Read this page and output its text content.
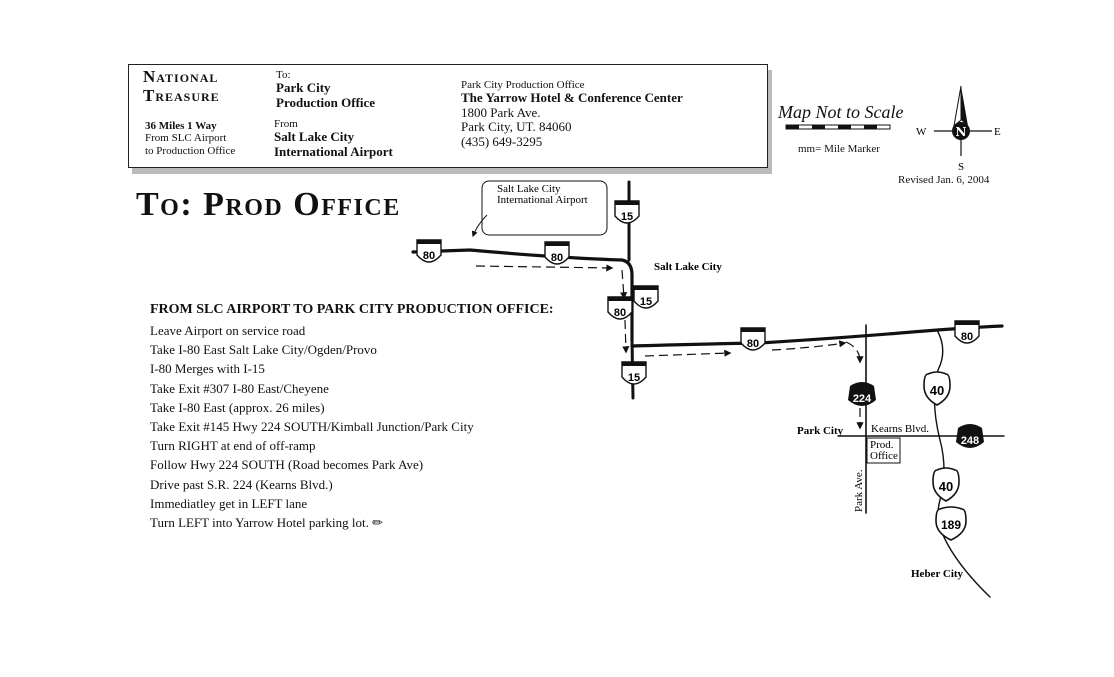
National
Treasure
36 Miles 1 Way
From SLC Airport
to Production Office
To:
Park City
Production Office
From
Salt Lake City
International Airport
Park City Production Office
The Yarrow Hotel & Conference Center
1800 Park Ave.
Park City, UT. 84060
(435) 649-3295
Map Not to Scale
mm= Mile Marker
Revised Jan. 6, 2004
To: Prod Office
FROM SLC AIRPORT TO PARK CITY PRODUCTION OFFICE:
Leave Airport on service road
Take I-80 East Salt Lake City/Ogden/Provo
I-80 Merges with I-15
Take Exit #307 I-80 East/Cheyene
Take I-80 East (approx. 26 miles)
Take Exit #145 Hwy 224 SOUTH/Kimball Junction/Park City
Turn RIGHT at end of off-ramp
Follow Hwy 224 SOUTH (Road becomes Park Ave)
Drive past S.R. 224 (Kearns Blvd.)
Immediatley get in LEFT lane
Turn LEFT into Yarrow Hotel parking lot. ✏
N
S
E
W
Salt Lake City
International Airport
80	80
15
80
15
15
80
80
40
40
189
224
248
Prod.
Office
Salt Lake City
Park City
Heber City
Kearns Blvd.
Park Ave.
